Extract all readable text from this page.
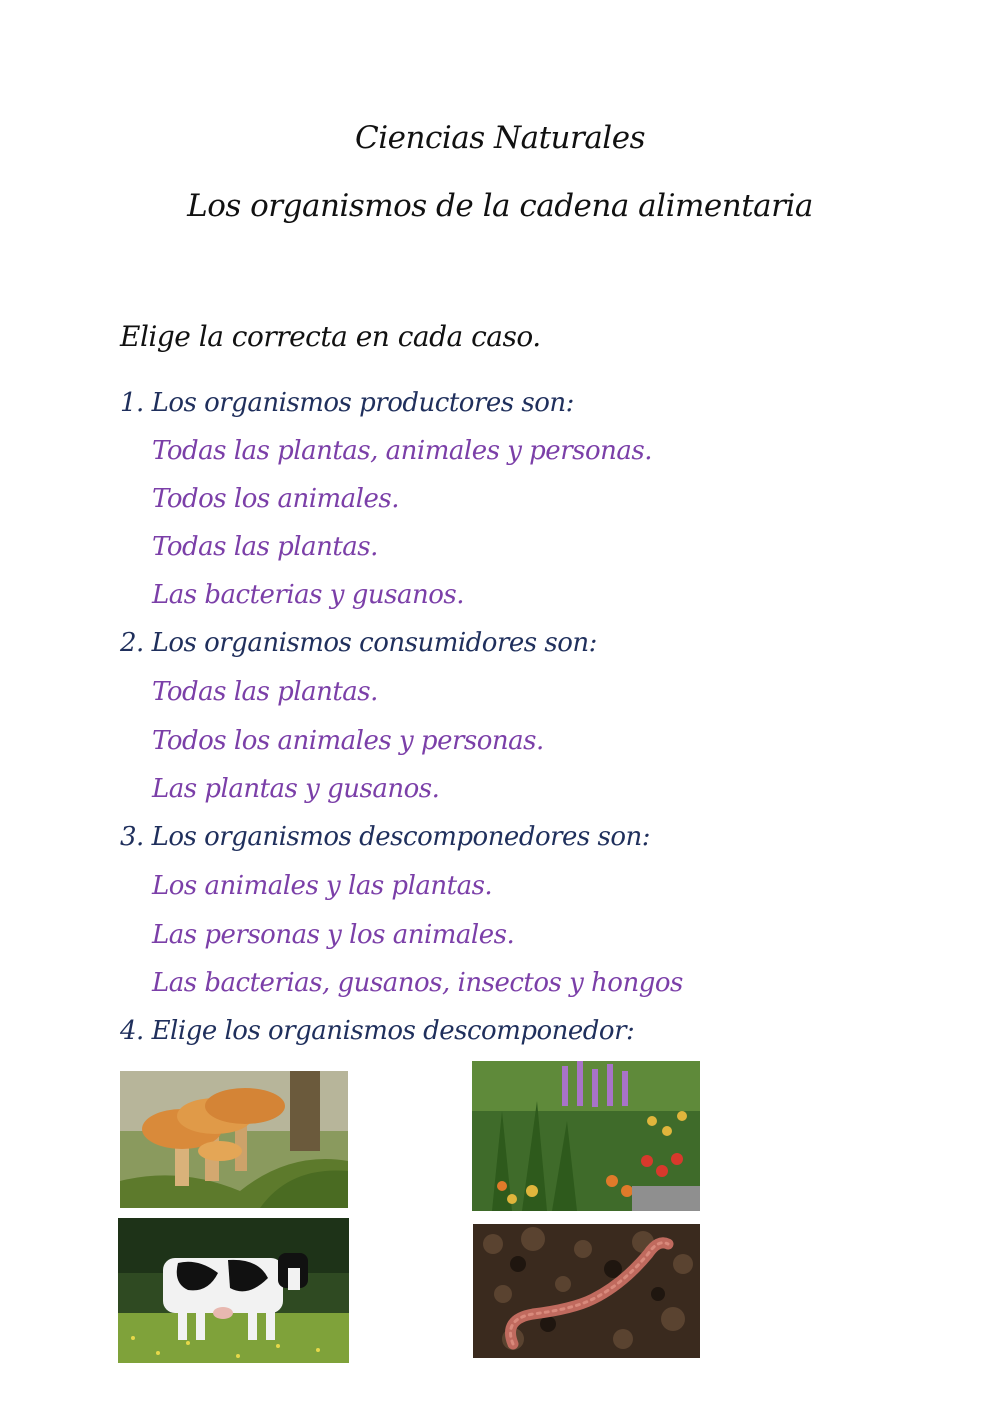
Ciencias Naturales
Los organismos de la cadena alimentaria
Elige la correcta en cada caso.
1. Los organismos productores son:
Todas las plantas, animales y personas.
Todos los animales.
Todas las plantas.
Las bacterias y gusanos.
2. Los organismos consumidores son:
Todas las plantas.
Todos los animales y personas.
Las plantas y gusanos.
3. Los organismos descomponedores son:
Los animales y las plantas.
Las personas y los animales.
Las bacterias, gusanos, insectos y hongos
4. Elige los organismos descomponedor:
